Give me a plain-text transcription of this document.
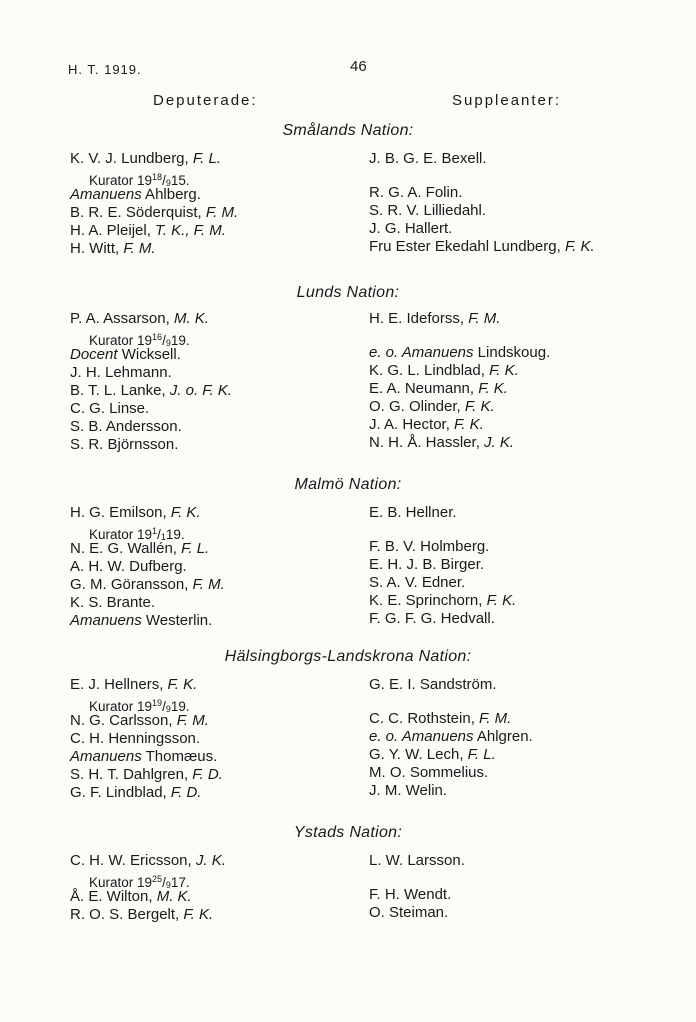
H. T. 1919.	46
Deputerade:	Suppleanter:
Smålands Nation:
K. V. J. Lundberg, F. L.
Kurator $19^{18}/_915$.
Amanuens Ahlberg.
B. R. E. Söderquist, F. M.
H. A. Pleijel, T. K., F. M.
H. Witt, F. M.
J. B. G. E. Bexell.
R. G. A. Folin.
S. R. V. Lilliedahl.
J. G. Hallert.
Fru Ester Ekedahl Lundberg, F. K.
Lunds Nation:
P. A. Assarson, M. K.
Kurator $19^{16}/_919$.
Docent Wicksell.
J. H. Lehmann.
B. T. L. Lanke, J. o. F. K.
C. G. Linse.
S. B. Andersson.
S. R. Björnsson.
H. E. Ideforss, F. M.
e. o. Amanuens Lindskoug.
K. G. L. Lindblad, F. K.
E. A. Neumann, F. K.
O. G. Olinder, F. K.
J. A. Hector, F. K.
N. H. Å. Hassler, J. K.
Malmö Nation:
H. G. Emilson, F. K.
Kurator $19^1/_119$.
N. E. G. Wallén, F. L.
A. H. W. Dufberg.
G. M. Göransson, F. M.
K. S. Brante.
Amanuens Westerlin.
E. B. Hellner.
F. B. V. Holmberg.
E. H. J. B. Birger.
S. A. V. Edner.
K. E. Sprinchorn, F. K.
F. G. F. G. Hedvall.
Hälsingborgs-Landskrona Nation:
E. J. Hellners, F. K.
Kurator $19^{19}/_919$.
N. G. Carlsson, F. M.
C. H. Henningsson.
Amanuens Thomæus.
S. H. T. Dahlgren, F. D.
G. F. Lindblad, F. D.
G. E. I. Sandström.
C. C. Rothstein, F. M.
e. o. Amanuens Ahlgren.
G. Y. W. Lech, F. L.
M. O. Sommelius.
J. M. Welin.
Ystads Nation:
C. H. W. Ericsson, J. K.
Kurator $19^{25}/_917$.
Å. E. Wilton, M. K.
R. O. S. Bergelt, F. K.
L. W. Larsson.
F. H. Wendt.
O. Steiman.
